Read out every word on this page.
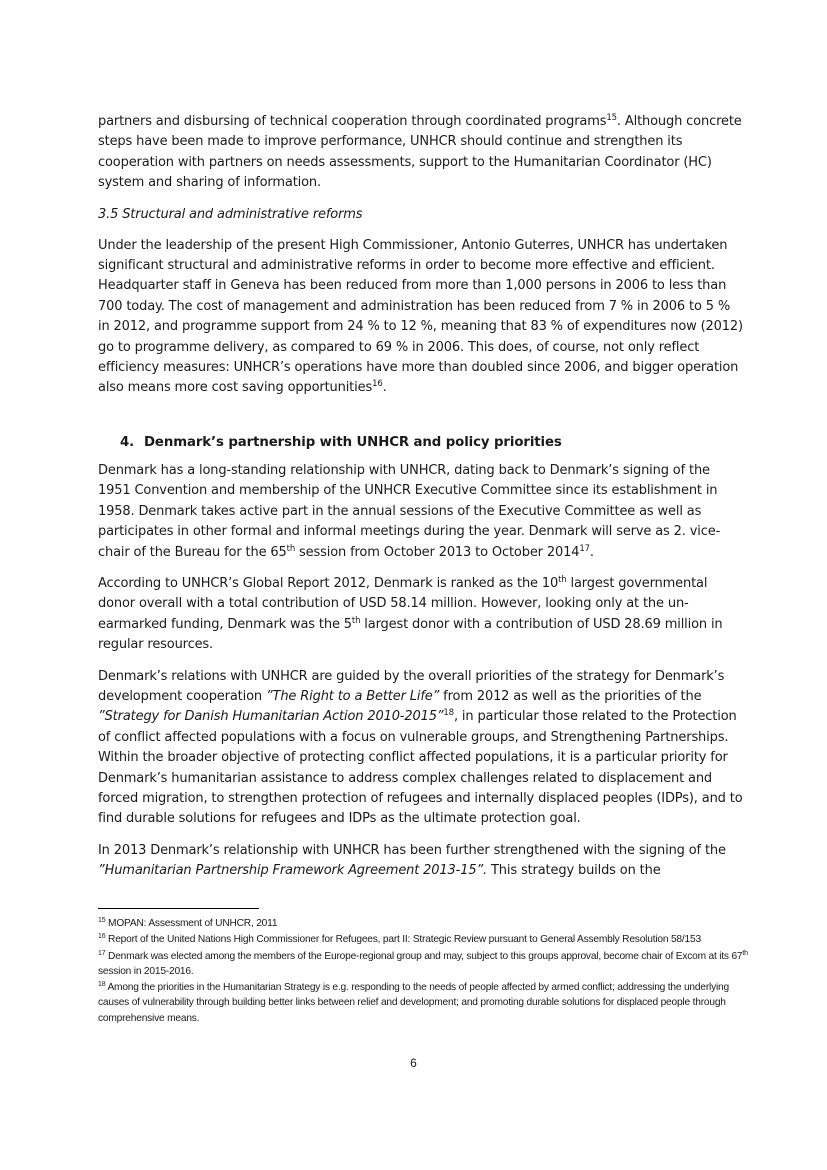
partners and disbursing of technical cooperation through coordinated programs$^{15}$. Although concrete steps have been made to improve performance, UNHCR should continue and strengthen its cooperation with partners on needs assessments, support to the Humanitarian Coordinator (HC) system and sharing of information.

3.5 Structural and administrative reforms

Under the leadership of the present High Commissioner, Antonio Guterres, UNHCR has undertaken significant structural and administrative reforms in order to become more effective and efficient. Headquarter staff in Geneva has been reduced from more than 1,000 persons in 2006 to less than 700 today. The cost of management and administration has been reduced from 7 % in 2006 to 5 % in 2012, and programme support from 24 % to 12 %, meaning that 83 % of expenditures now (2012) go to programme delivery, as compared to 69 % in 2006. This does, of course, not only reflect efficiency measures: UNHCR’s operations have more than doubled since 2006, and bigger operation also means more cost saving opportunities$^{16}$.

4. Denmark’s partnership with UNHCR and policy priorities

Denmark has a long-standing relationship with UNHCR, dating back to Denmark’s signing of the 1951 Convention and membership of the UNHCR Executive Committee since its establishment in 1958. Denmark takes active part in the annual sessions of the Executive Committee as well as participates in other formal and informal meetings during the year. Denmark will serve as 2. vice-chair of the Bureau for the 65th session from October 2013 to October 2014$^{17}$.

According to UNHCR’s Global Report 2012, Denmark is ranked as the 10th largest governmental donor overall with a total contribution of USD 58.14 million. However, looking only at the un-earmarked funding, Denmark was the 5th largest donor with a contribution of USD 28.69 million in regular resources.

Denmark’s relations with UNHCR are guided by the overall priorities of the strategy for Denmark’s development cooperation ”The Right to a Better Life” from 2012 as well as the priorities of the ”Strategy for Danish Humanitarian Action 2010-2015”$^{18}$, in particular those related to the Protection of conflict affected populations with a focus on vulnerable groups, and Strengthening Partnerships. Within the broader objective of protecting conflict affected populations, it is a particular priority for Denmark’s humanitarian assistance to address complex challenges related to displacement and forced migration, to strengthen protection of refugees and internally displaced peoples (IDPs), and to find durable solutions for refugees and IDPs as the ultimate protection goal.

In 2013 Denmark’s relationship with UNHCR has been further strengthened with the signing of the ”Humanitarian Partnership Framework Agreement 2013-15”. This strategy builds on the

$^{15}$ MOPAN: Assessment of UNHCR, 2011
$^{16}$ Report of the United Nations High Commissioner for Refugees, part II: Strategic Review pursuant to General Assembly Resolution 58/153
$^{17}$ Denmark was elected among the members of the Europe-regional group and may, subject to this groups approval, become chair of Excom at its 67th session in 2015-2016.
$^{18}$ Among the priorities in the Humanitarian Strategy is e.g. responding to the needs of people affected by armed conflict; addressing the underlying causes of vulnerability through building better links between relief and development; and promoting durable solutions for displaced people through comprehensive means.
6
